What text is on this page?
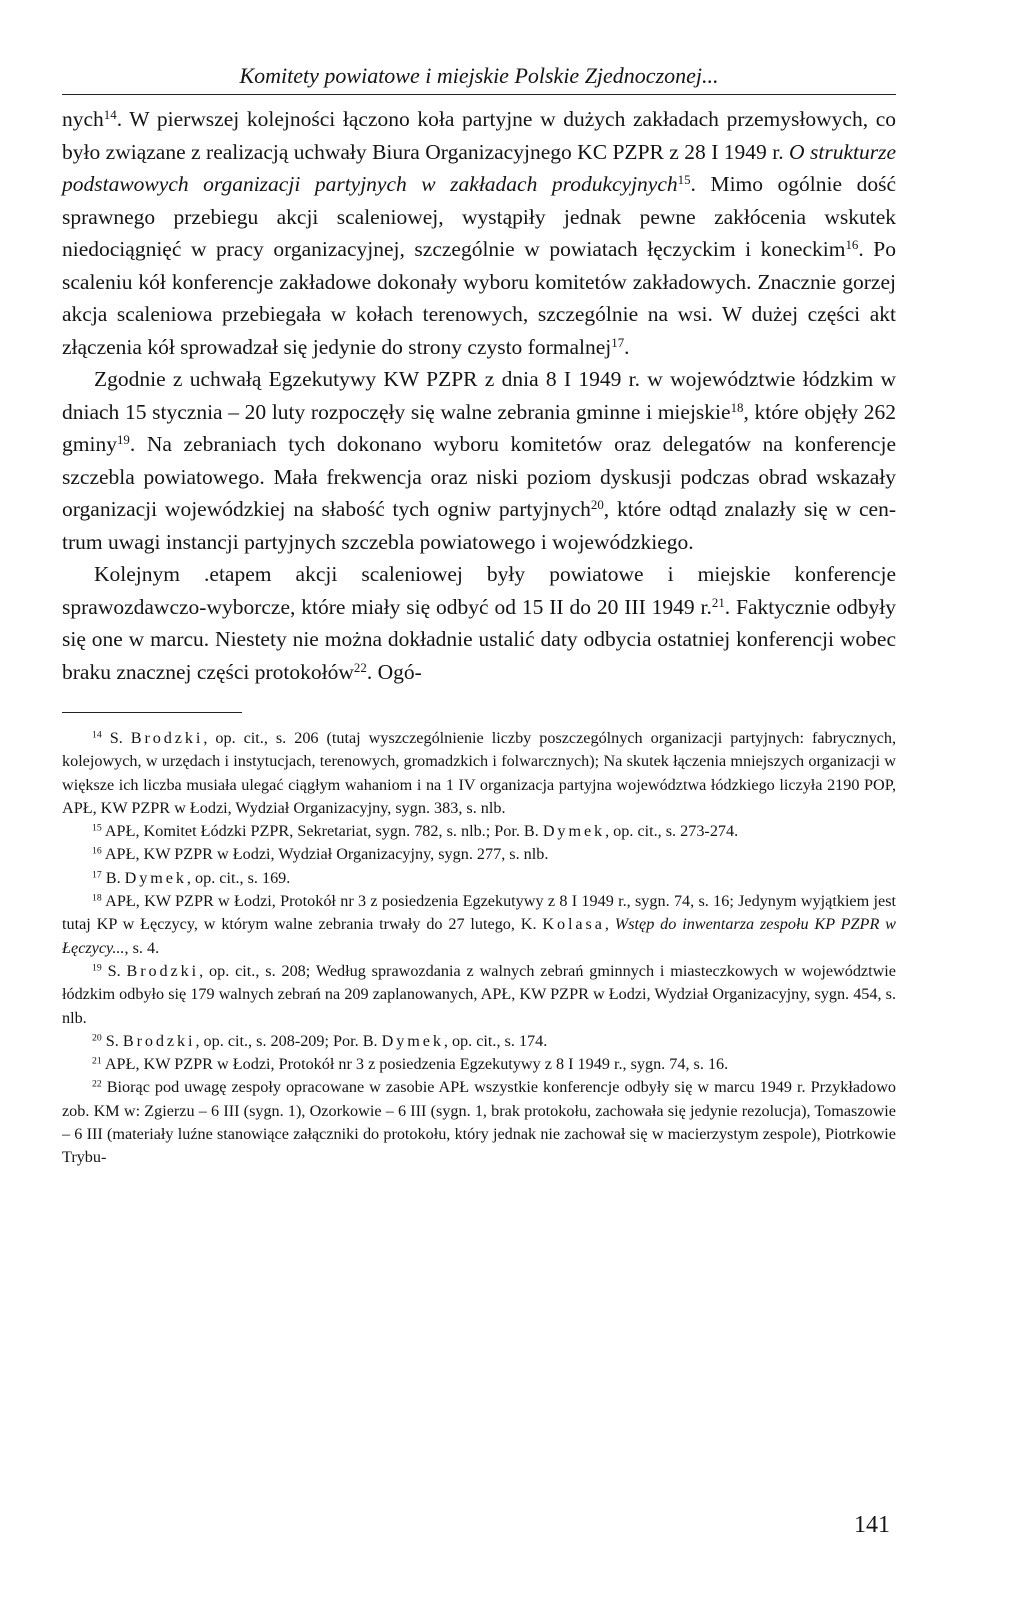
Komitety powiatowe i miejskie Polskie Zjednoczonej...

nych$^{14}$. W pierwszej kolejności łączono koła partyjne w dużych zakładach przemysłowych, co było związane z realizacją uchwały Biura Organizacyjnego KC PZPR z 28 I 1949 r. O strukturze podstawowych organizacji partyjnych w zakładach produkcyjnych$^{15}$. Mimo ogólnie dość sprawnego przebiegu akcji scaleniowej, wystąpiły jednak pewne zakłócenia wskutek niedociągnięć w pracy organizacyjnej, szczególnie w powiatach łęczyckim i koneckim$^{16}$. Po scaleniu kół konferencje zakładowe dokonały wyboru komitetów zakładowych. Znacznie gorzej akcja scaleniowa przebiegała w kołach terenowych, szczególnie na wsi. W dużej części akt złączenia kół sprowadzał się jedynie do strony czysto formalnej$^{17}$.

Zgodnie z uchwałą Egzekutywy KW PZPR z dnia 8 I 1949 r. w województwie łódzkim w dniach 15 stycznia – 20 luty rozpoczęły się walne zebrania gminne i miejskie$^{18}$, które objęły 262 gminy$^{19}$. Na zebraniach tych dokonano wyboru komitetów oraz delegatów na konferencje szczebla powiatowego. Mała frekwencja oraz niski poziom dyskusji podczas obrad wskazały organizacji wojewódzkiej na słabość tych ogniw partyjnych$^{20}$, które odtąd znalazły się w centrum uwagi instancji partyjnych szczebla powiatowego i wojewódzkiego.

Kolejnym .etapem akcji scaleniowej były powiatowe i miejskie konferencje sprawozdawczo-wyborcze, które miały się odbyć od 15 II do 20 III 1949 r.$^{21}$. Faktycznie odbyły się one w marcu. Niestety nie można dokładnie ustalić daty odbycia ostatniej konferencji wobec braku znacznej części protokołów$^{22}$. Ogó-

$^{14}$ S. Brodzki, op. cit., s. 206 (tutaj wyszczególnienie liczby poszczególnych organizacji partyjnych: fabrycznych, kolejowych, w urzędach i instytucjach, terenowych, gromadzkich i folwarcznych); Na skutek łączenia mniejszych organizacji w większe ich liczba musiała ulegać ciągłym wahaniom i na 1 IV organizacja partyjna województwa łódzkiego liczyła 2190 POP, APŁ, KW PZPR w Łodzi, Wydział Organizacyjny, sygn. 383, s. nlb.

$^{15}$ APŁ, Komitet Łódzki PZPR, Sekretariat, sygn. 782, s. nlb.; Por. B. Dymek, op. cit., s. 273-274.

$^{16}$ APŁ, KW PZPR w Łodzi, Wydział Organizacyjny, sygn. 277, s. nlb.

$^{17}$ B. Dymek, op. cit., s. 169.

$^{18}$ APŁ, KW PZPR w Łodzi, Protokół nr 3 z posiedzenia Egzekutywy z 8 I 1949 r., sygn. 74, s. 16; Jedynym wyjątkiem jest tutaj KP w Łęczycy, w którym walne zebrania trwały do 27 lutego, K. Kolasa, Wstęp do inwentarza zespołu KP PZPR w Łęczycy..., s. 4.

$^{19}$ S. Brodzki, op. cit., s. 208; Według sprawozdania z walnych zebrań gminnych i miasteczkowych w województwie łódzkim odbyło się 179 walnych zebrań na 209 zaplanowanych, APŁ, KW PZPR w Łodzi, Wydział Organizacyjny, sygn. 454, s. nlb.

$^{20}$ S. Brodzki, op. cit., s. 208-209; Por. B. Dymek, op. cit., s. 174.

$^{21}$ APŁ, KW PZPR w Łodzi, Protokół nr 3 z posiedzenia Egzekutywy z 8 I 1949 r., sygn. 74, s. 16.

$^{22}$ Biorąc pod uwagę zespoły opracowane w zasobie APŁ wszystkie konferencje odbyły się w marcu 1949 r. Przykładowo zob. KM w: Zgierzu – 6 III (sygn. 1), Ozorkowie – 6 III (sygn. 1, brak protokołu, zachowała się jedynie rezolucja), Tomaszowie – 6 III (materiały luźne stanowiące załączniki do protokołu, który jednak nie zachował się w macierzystym zespole), Piotrkowie Trybu-

141
